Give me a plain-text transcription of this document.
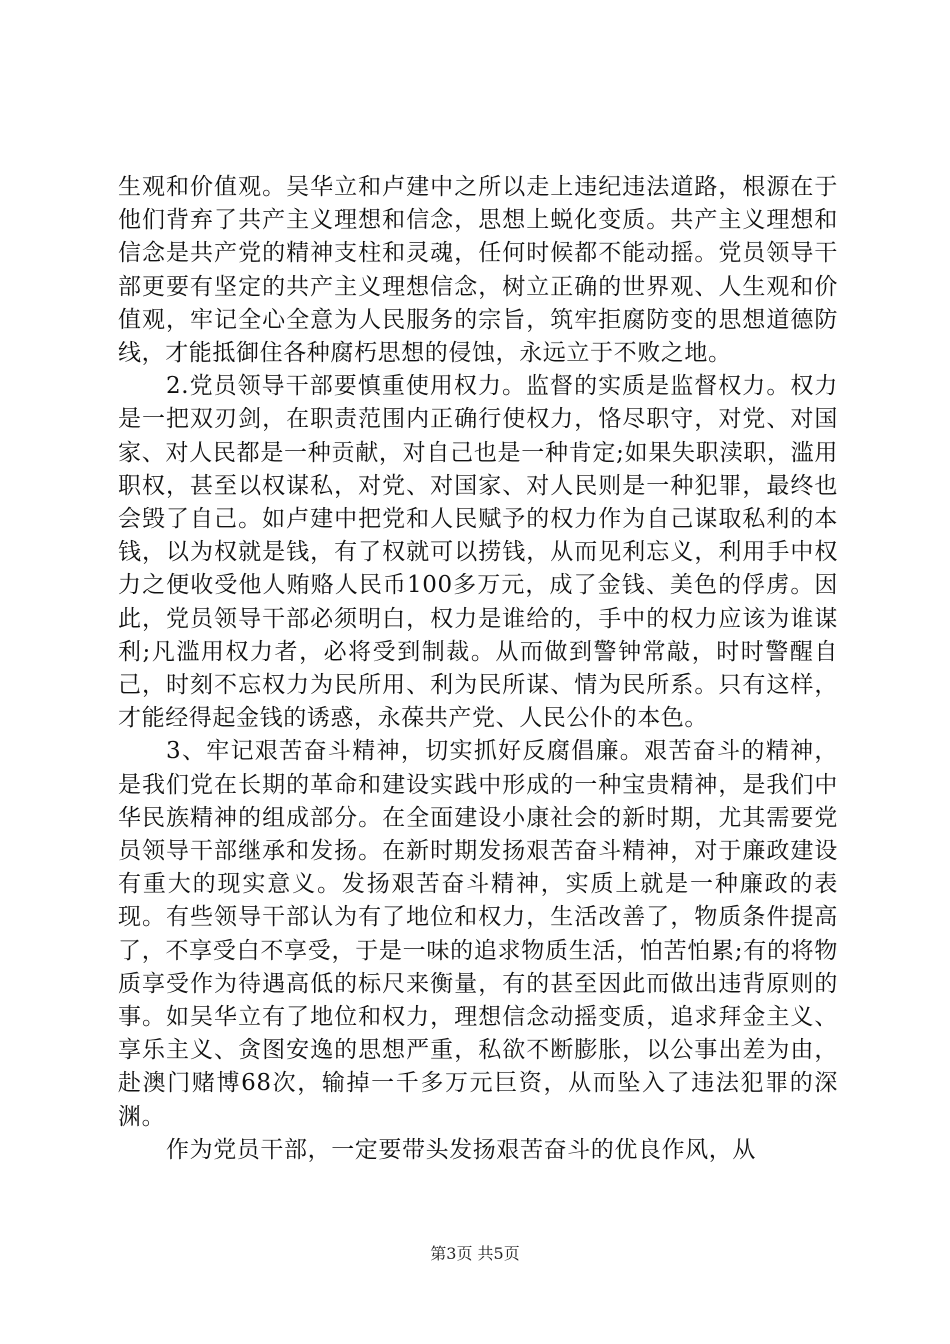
生观和价值观。吴华立和卢建中之所以走上违纪违法道路，根源在于他们背弃了共产主义理想和信念，思想上蜕化变质。共产主义理想和信念是共产党的精神支柱和灵魂，任何时候都不能动摇。党员领导干部更要有坚定的共产主义理想信念，树立正确的世界观、人生观和价值观，牢记全心全意为人民服务的宗旨，筑牢拒腐防变的思想道德防线，才能抵御住各种腐朽思想的侵蚀，永远立于不败之地。

2.党员领导干部要慎重使用权力。监督的实质是监督权力。权力是一把双刃剑，在职责范围内正确行使权力，恪尽职守，对党、对国家、对人民都是一种贡献，对自己也是一种肯定;如果失职渎职，滥用职权，甚至以权谋私，对党、对国家、对人民则是一种犯罪，最终也会毁了自己。如卢建中把党和人民赋予的权力作为自己谋取私利的本钱，以为权就是钱，有了权就可以捞钱，从而见利忘义，利用手中权力之便收受他人贿赂人民币100多万元，成了金钱、美色的俘虏。因此，党员领导干部必须明白，权力是谁给的，手中的权力应该为谁谋利;凡滥用权力者，必将受到制裁。从而做到警钟常敲，时时警醒自己，时刻不忘权力为民所用、利为民所谋、情为民所系。只有这样，才能经得起金钱的诱惑，永葆共产党、人民公仆的本色。

3、牢记艰苦奋斗精神，切实抓好反腐倡廉。艰苦奋斗的精神，是我们党在长期的革命和建设实践中形成的一种宝贵精神，是我们中华民族精神的组成部分。在全面建设小康社会的新时期，尤其需要党员领导干部继承和发扬。在新时期发扬艰苦奋斗精神，对于廉政建设有重大的现实意义。发扬艰苦奋斗精神，实质上就是一种廉政的表现。有些领导干部认为有了地位和权力，生活改善了，物质条件提高了，不享受白不享受，于是一味的追求物质生活，怕苦怕累;有的将物质享受作为待遇高低的标尺来衡量，有的甚至因此而做出违背原则的事。如吴华立有了地位和权力，理想信念动摇变质，追求拜金主义、享乐主义、贪图安逸的思想严重，私欲不断膨胀，以公事出差为由，赴澳门赌博68次，输掉一千多万元巨资，从而坠入了违法犯罪的深渊。

作为党员干部，一定要带头发扬艰苦奋斗的优良作风，从

第3页 共5页
